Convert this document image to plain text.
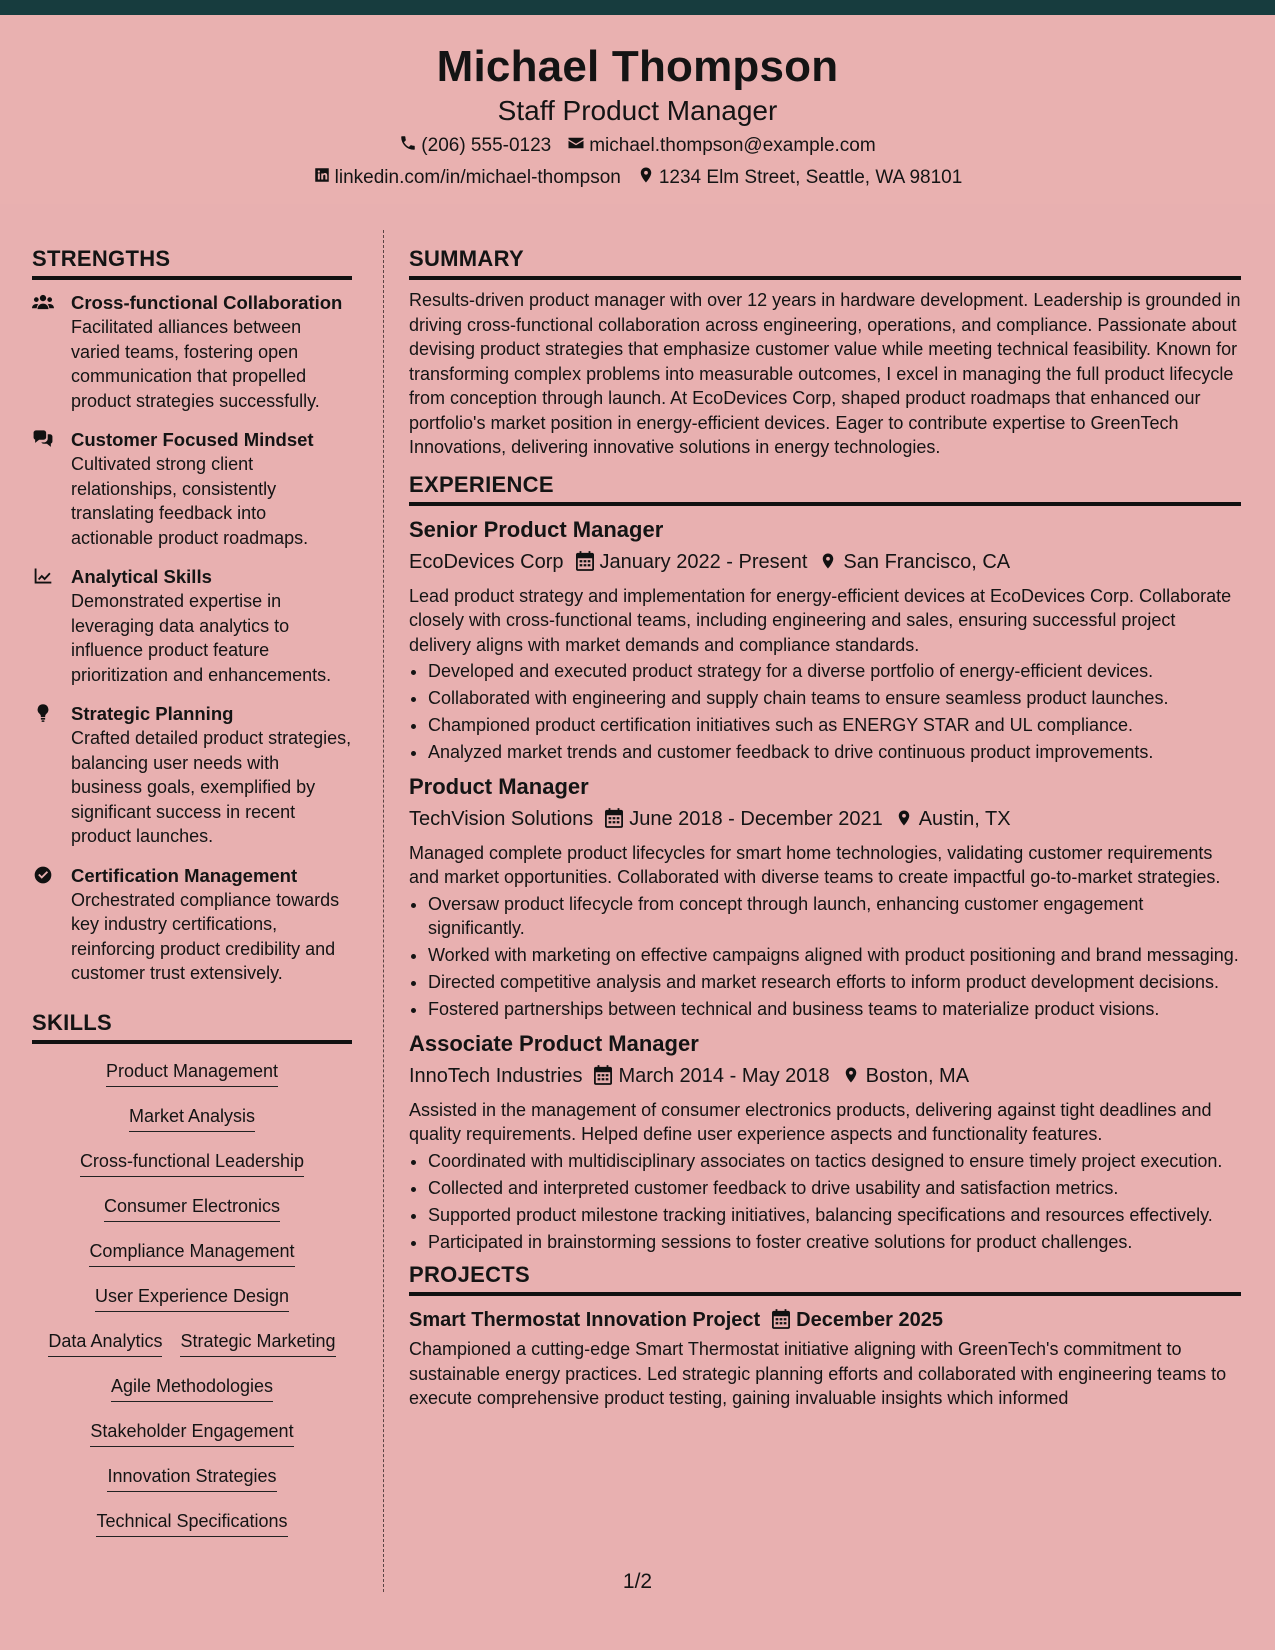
Michael Thompson
Staff Product Manager
(206) 555-0123 michael.thompson@example.com
linkedin.com/in/michael-thompson 1234 Elm Street, Seattle, WA 98101
STRENGTHS
Cross-functional Collaboration
Facilitated alliances between varied teams, fostering open communication that propelled product strategies successfully.
Customer Focused Mindset
Cultivated strong client relationships, consistently translating feedback into actionable product roadmaps.
Analytical Skills
Demonstrated expertise in leveraging data analytics to influence product feature prioritization and enhancements.
Strategic Planning
Crafted detailed product strategies, balancing user needs with business goals, exemplified by significant success in recent product launches.
Certification Management
Orchestrated compliance towards key industry certifications, reinforcing product credibility and customer trust extensively.
SKILLS
Product Management
Market Analysis
Cross-functional Leadership
Consumer Electronics
Compliance Management
User Experience Design
Data Analytics Strategic Marketing
Agile Methodologies
Stakeholder Engagement
Innovation Strategies
Technical Specifications
SUMMARY
Results-driven product manager with over 12 years in hardware development. Leadership is grounded in driving cross-functional collaboration across engineering, operations, and compliance. Passionate about devising product strategies that emphasize customer value while meeting technical feasibility. Known for transforming complex problems into measurable outcomes, I excel in managing the full product lifecycle from conception through launch. At EcoDevices Corp, shaped product roadmaps that enhanced our portfolio's market position in energy-efficient devices. Eager to contribute expertise to GreenTech Innovations, delivering innovative solutions in energy technologies.
EXPERIENCE
Senior Product Manager
EcoDevices Corp	January 2022 - Present	San Francisco, CA
Lead product strategy and implementation for energy-efficient devices at EcoDevices Corp. Collaborate closely with cross-functional teams, including engineering and sales, ensuring successful project delivery aligns with market demands and compliance standards.
• Developed and executed product strategy for a diverse portfolio of energy-efficient devices.
• Collaborated with engineering and supply chain teams to ensure seamless product launches.
• Championed product certification initiatives such as ENERGY STAR and UL compliance.
• Analyzed market trends and customer feedback to drive continuous product improvements.
Product Manager
TechVision Solutions	June 2018 - December 2021	Austin, TX
Managed complete product lifecycles for smart home technologies, validating customer requirements and market opportunities. Collaborated with diverse teams to create impactful go-to-market strategies.
• Oversaw product lifecycle from concept through launch, enhancing customer engagement significantly.
• Worked with marketing on effective campaigns aligned with product positioning and brand messaging.
• Directed competitive analysis and market research efforts to inform product development decisions.
• Fostered partnerships between technical and business teams to materialize product visions.
Associate Product Manager
InnoTech Industries	March 2014 - May 2018	Boston, MA
Assisted in the management of consumer electronics products, delivering against tight deadlines and quality requirements. Helped define user experience aspects and functionality features.
• Coordinated with multidisciplinary associates on tactics designed to ensure timely project execution.
• Collected and interpreted customer feedback to drive usability and satisfaction metrics.
• Supported product milestone tracking initiatives, balancing specifications and resources effectively.
• Participated in brainstorming sessions to foster creative solutions for product challenges.
PROJECTS
Smart Thermostat Innovation Project	December 2025
Championed a cutting-edge Smart Thermostat initiative aligning with GreenTech's commitment to sustainable energy practices. Led strategic planning efforts and collaborated with engineering teams to execute comprehensive product testing, gaining invaluable insights which informed
1/2
